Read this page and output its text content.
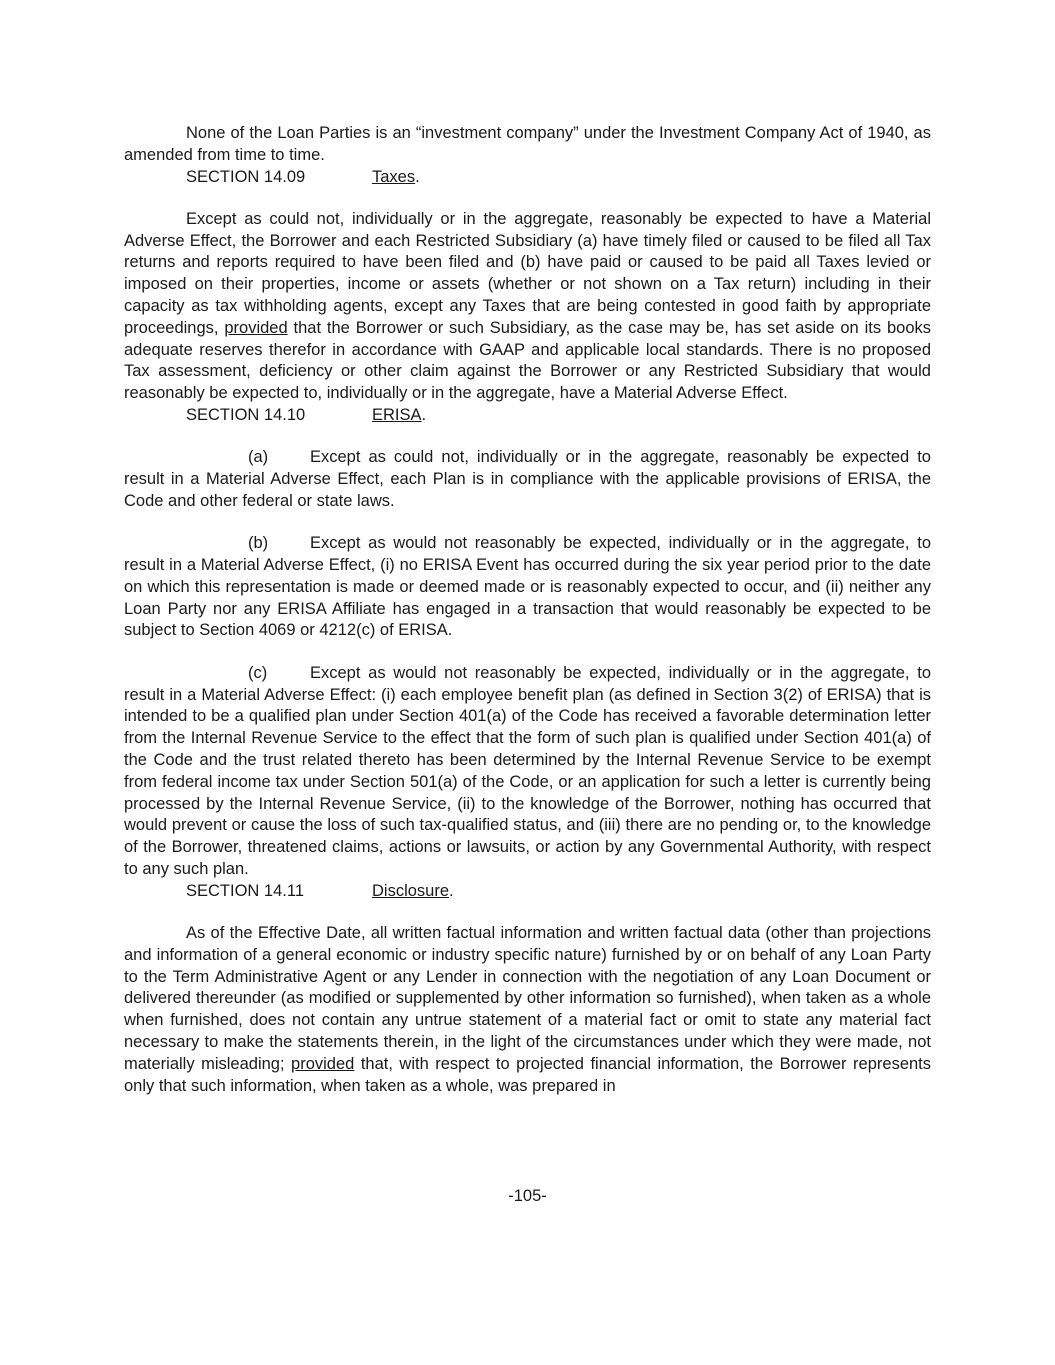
None of the Loan Parties is an “investment company” under the Investment Company Act of 1940, as amended from time to time.

SECTION 14.09	Taxes.

Except as could not, individually or in the aggregate, reasonably be expected to have a Material Adverse Effect, the Borrower and each Restricted Subsidiary (a) have timely filed or caused to be filed all Tax returns and reports required to have been filed and (b) have paid or caused to be paid all Taxes levied or imposed on their properties, income or assets (whether or not shown on a Tax return) including in their capacity as tax withholding agents, except any Taxes that are being contested in good faith by appropriate proceedings, provided that the Borrower or such Subsidiary, as the case may be, has set aside on its books adequate reserves therefor in accordance with GAAP and applicable local standards. There is no proposed Tax assessment, deficiency or other claim against the Borrower or any Restricted Subsidiary that would reasonably be expected to, individually or in the aggregate, have a Material Adverse Effect.

SECTION 14.10	ERISA.

(a)	Except as could not, individually or in the aggregate, reasonably be expected to result in a Material Adverse Effect, each Plan is in compliance with the applicable provisions of ERISA, the Code and other federal or state laws.

(b)	Except as would not reasonably be expected, individually or in the aggregate, to result in a Material Adverse Effect, (i) no ERISA Event has occurred during the six year period prior to the date on which this representation is made or deemed made or is reasonably expected to occur, and (ii) neither any Loan Party nor any ERISA Affiliate has engaged in a transaction that would reasonably be expected to be subject to Section 4069 or 4212(c) of ERISA.

(c)	Except as would not reasonably be expected, individually or in the aggregate, to result in a Material Adverse Effect: (i) each employee benefit plan (as defined in Section 3(2) of ERISA) that is intended to be a qualified plan under Section 401(a) of the Code has received a favorable determination letter from the Internal Revenue Service to the effect that the form of such plan is qualified under Section 401(a) of the Code and the trust related thereto has been determined by the Internal Revenue Service to be exempt from federal income tax under Section 501(a) of the Code, or an application for such a letter is currently being processed by the Internal Revenue Service, (ii) to the knowledge of the Borrower, nothing has occurred that would prevent or cause the loss of such tax-qualified status, and (iii) there are no pending or, to the knowledge of the Borrower, threatened claims, actions or lawsuits, or action by any Governmental Authority, with respect to any such plan.

SECTION 14.11	Disclosure.

As of the Effective Date, all written factual information and written factual data (other than projections and information of a general economic or industry specific nature) furnished by or on behalf of any Loan Party to the Term Administrative Agent or any Lender in connection with the negotiation of any Loan Document or delivered thereunder (as modified or supplemented by other information so furnished), when taken as a whole when furnished, does not contain any untrue statement of a material fact or omit to state any material fact necessary to make the statements therein, in the light of the circumstances under which they were made, not materially misleading; provided that, with respect to projected financial information, the Borrower represents only that such information, when taken as a whole, was prepared in

-105-
